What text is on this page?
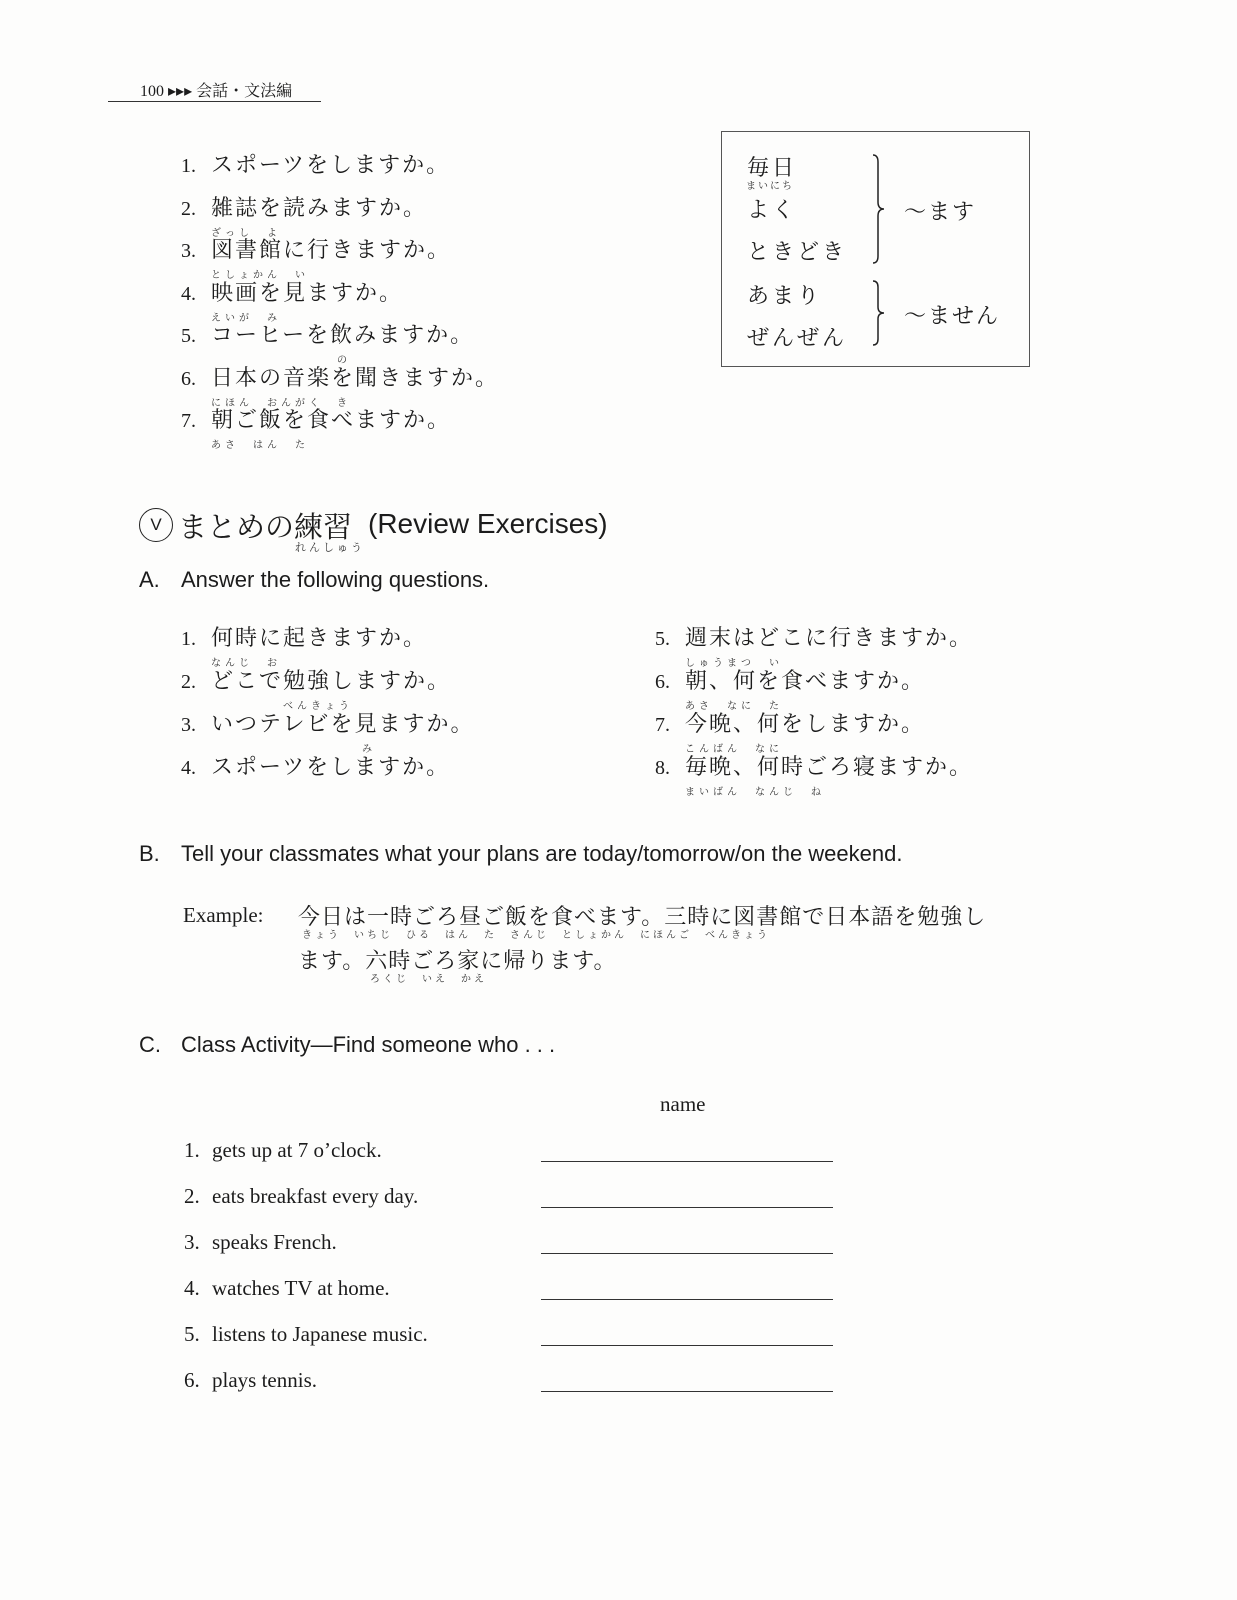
100 ▸▸▸ 会話・文法編
1. スポーツをしますか。
2. 雑誌を読みますか。
ざっし　よ
3. 図書館に行きますか。
としょかん　い
4. 映画を見ますか。
えいが　み
5. コーヒーを飲みますか。
の
6. 日本の音楽を聞きますか。
にほん　おんがく　き
7. 朝ご飯を食べますか。
あさ　はん　た
毎日
まいにち
よく
ときどき
～ます
あまり
ぜんぜん
～ません
V まとめの練習 (Review Exercises)
れんしゅう
A. Answer the following questions.
1. 何時に起きますか。
なんじ　お
2. どこで勉強しますか。
べんきょう
3. いつテレビを見ますか。
み
4. スポーツをしますか。
5. 週末はどこに行きますか。
しゅうまつ　い
6. 朝、何を食べますか。
あさ　なに　た
7. 今晩、何をしますか。
こんばん　なに
8. 毎晩、何時ごろ寝ますか。
まいばん　なんじ　ね
B. Tell your classmates what your plans are today/tomorrow/on the weekend.
Example: 今日は一時ごろ昼ご飯を食べます。三時に図書館で日本語を勉強し
きょう　いちじ　ひる　はん　た　さんじ　としょかん　にほんご　べんきょう
ます。六時ごろ家に帰ります。
ろくじ　いえ　かえ
C. Class Activity—Find someone who . . .
name
1. gets up at 7 o’clock.
2. eats breakfast every day.
3. speaks French.
4. watches TV at home.
5. listens to Japanese music.
6. plays tennis.
